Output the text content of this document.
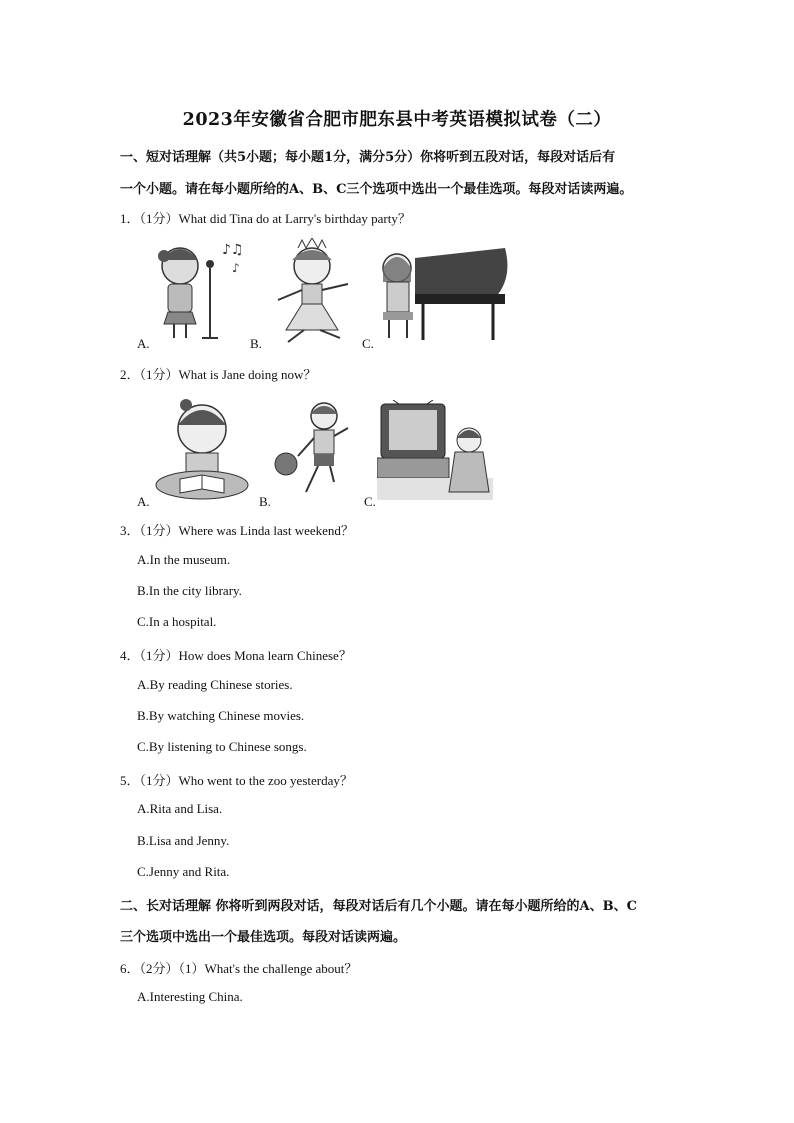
2023年安徽省合肥市肥东县中考英语模拟试卷（二）
一、短对话理解（共5小题；每小题1分，满分5分）你将听到五段对话，每段对话后有
一个小题。请在每小题所给的A、B、C三个选项中选出一个最佳选项。每段对话读两遍。
1．（1分）What did Tina do at Larry's birthday party？
♪♫
♪
A.	B.	C.
2．（1分）What is Jane doing now？
A.	B.	C.
3．（1分）Where was Linda last weekend？
A.In the museum.
B.In the city library.
C.In a hospital.
4．（1分）How does Mona learn Chinese？
A.By reading Chinese stories.
B.By watching Chinese movies.
C.By listening to Chinese songs.
5．（1分）Who went to the zoo yesterday？
A.Rita and Lisa.
B.Lisa and Jenny.
C.Jenny and Rita.
二、长对话理解 你将听到两段对话，每段对话后有几个小题。请在每小题所给的A、B、C
三个选项中选出一个最佳选项。每段对话读两遍。
6．（2分）（1）What's the challenge about？
A.Interesting China.
